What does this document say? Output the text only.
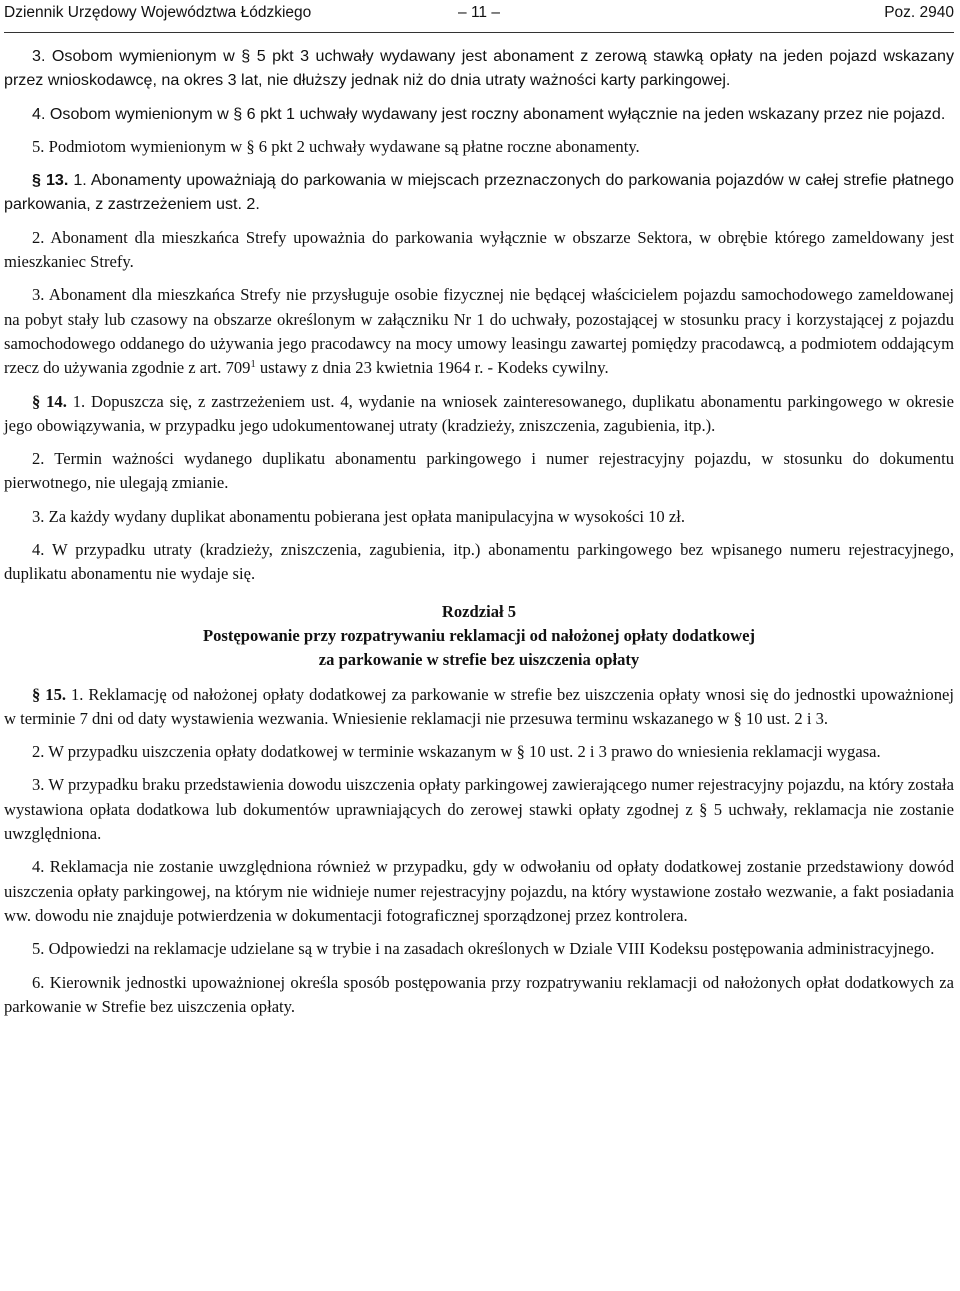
Dziennik Urzędowy Województwa Łódzkiego	– 11 –	Poz. 2940

3. Osobom wymienionym w § 5 pkt 3 uchwały wydawany jest abonament z zerową stawką opłaty na jeden pojazd wskazany przez wnioskodawcę, na okres 3 lat, nie dłuższy jednak niż do dnia utraty ważności karty parkingowej.

4. Osobom wymienionym w § 6 pkt 1 uchwały wydawany jest roczny abonament wyłącznie na jeden wskazany przez nie pojazd.

5. Podmiotom wymienionym w § 6 pkt 2 uchwały wydawane są płatne roczne abonamenty.

§ 13. 1. Abonamenty upoważniają do parkowania w miejscach przeznaczonych do parkowania pojazdów w całej strefie płatnego parkowania, z zastrzeżeniem ust. 2.

2. Abonament dla mieszkańca Strefy upoważnia do parkowania wyłącznie w obszarze Sektora, w obrębie którego zameldowany jest mieszkaniec Strefy.

3. Abonament dla mieszkańca Strefy nie przysługuje osobie fizycznej nie będącej właścicielem pojazdu samochodowego zameldowanej na pobyt stały lub czasowy na obszarze określonym w załączniku Nr 1 do uchwały, pozostającej w stosunku pracy i korzystającej z pojazdu samochodowego oddanego do używania jego pracodawcy na mocy umowy leasingu zawartej pomiędzy pracodawcą, a podmiotem oddającym rzecz do używania zgodnie z art. $709^1$ ustawy z dnia 23 kwietnia 1964 r. - Kodeks cywilny.

§ 14. 1. Dopuszcza się, z zastrzeżeniem ust. 4, wydanie na wniosek zainteresowanego, duplikatu abonamentu parkingowego w okresie jego obowiązywania, w przypadku jego udokumentowanej utraty (kradzieży, zniszczenia, zagubienia, itp.).

2. Termin ważności wydanego duplikatu abonamentu parkingowego i numer rejestracyjny pojazdu, w stosunku do dokumentu pierwotnego, nie ulegają zmianie.

3. Za każdy wydany duplikat abonamentu pobierana jest opłata manipulacyjna w wysokości 10 zł.

4. W przypadku utraty (kradzieży, zniszczenia, zagubienia, itp.) abonamentu parkingowego bez wpisanego numeru rejestracyjnego, duplikatu abonamentu nie wydaje się.

Rozdział 5
Postępowanie przy rozpatrywaniu reklamacji od nałożonej opłaty dodatkowej
za parkowanie w strefie bez uiszczenia opłaty

§ 15. 1. Reklamację od nałożonej opłaty dodatkowej za parkowanie w strefie bez uiszczenia opłaty wnosi się do jednostki upoważnionej w terminie 7 dni od daty wystawienia wezwania. Wniesienie reklamacji nie przesuwa terminu wskazanego w § 10 ust. 2 i 3.

2. W przypadku uiszczenia opłaty dodatkowej w terminie wskazanym w § 10 ust. 2 i 3 prawo do wniesienia reklamacji wygasa.

3. W przypadku braku przedstawienia dowodu uiszczenia opłaty parkingowej zawierającego numer rejestracyjny pojazdu, na który została wystawiona opłata dodatkowa lub dokumentów uprawniających do zerowej stawki opłaty zgodnej z § 5 uchwały, reklamacja nie zostanie uwzględniona.

4. Reklamacja nie zostanie uwzględniona również w przypadku, gdy w odwołaniu od opłaty dodatkowej zostanie przedstawiony dowód uiszczenia opłaty parkingowej, na którym nie widnieje numer rejestracyjny pojazdu, na który wystawione zostało wezwanie, a fakt posiadania ww. dowodu nie znajduje potwierdzenia w dokumentacji fotograficznej sporządzonej przez kontrolera.

5. Odpowiedzi na reklamacje udzielane są w trybie i na zasadach określonych w Dziale VIII Kodeksu postępowania administracyjnego.

6. Kierownik jednostki upoważnionej określa sposób postępowania przy rozpatrywaniu reklamacji od nałożonych opłat dodatkowych za parkowanie w Strefie bez uiszczenia opłaty.
